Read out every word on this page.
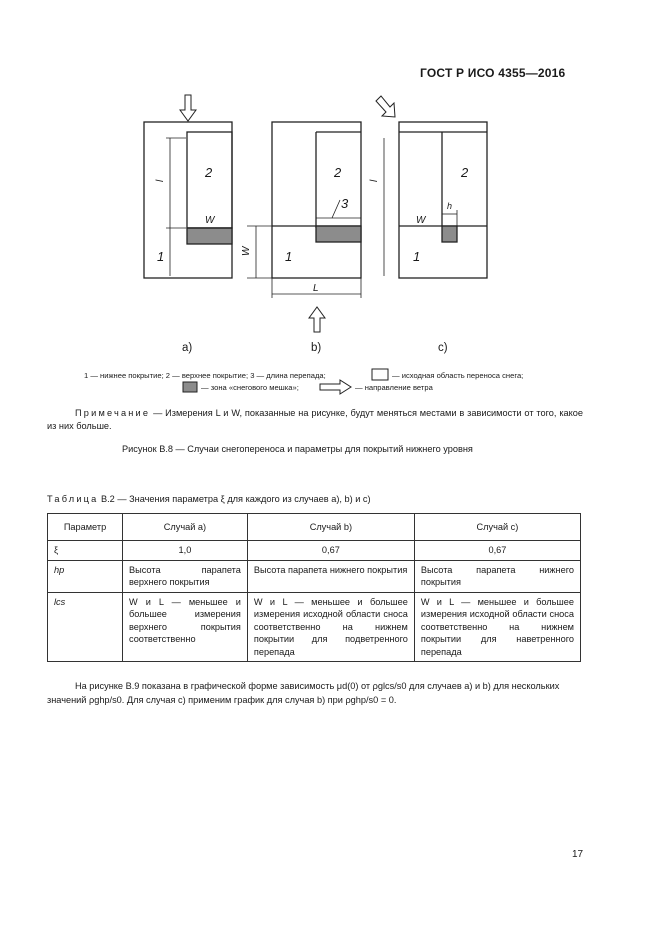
ГОСТ Р ИСО 4355—2016
2
1
l
W
2
1
3
W
L
2
1
l
W
h
a)	b)	c)
1 — нижнее покрытие; 2 — верхнее покрытие; 3 — длина перепада;	— исходная область переноса снега;
— зона «снегового мешка»;	— направление ветра
Примечание — Измерения L и W, показанные на рисунке, будут меняться местами в зависимости от того, какое из них больше.
Рисунок В.8 — Случаи снегопереноса и параметры для покрытий нижнего уровня
Таблица В.2 — Значения параметра ξ для каждого из случаев а), b) и с)
Параметр	Случай а)	Случай b)	Случай с)
ξ	1,0	0,67	0,67
hp	Высота парапета верхнего покрытия	Высота парапета нижнего покрытия	Высота парапета нижнего покрытия
lcs	W и L — меньшее и большее измерения верхнего покрытия соответственно	W и L — меньшее и большее измерения исходной области сноса соответственно на нижнем покрытии для подветренного перепада	W и L — меньшее и большее измерения исходной области сноса соответственно на нижнем покрытии для наветренного перепада
На рисунке В.9 показана в графической форме зависимость μd(0) от ρglcs/s0 для случаев а) и b) для нескольких значений ρghp/s0. Для случая с) применим график для случая b) при ρghp/s0 = 0.
17
